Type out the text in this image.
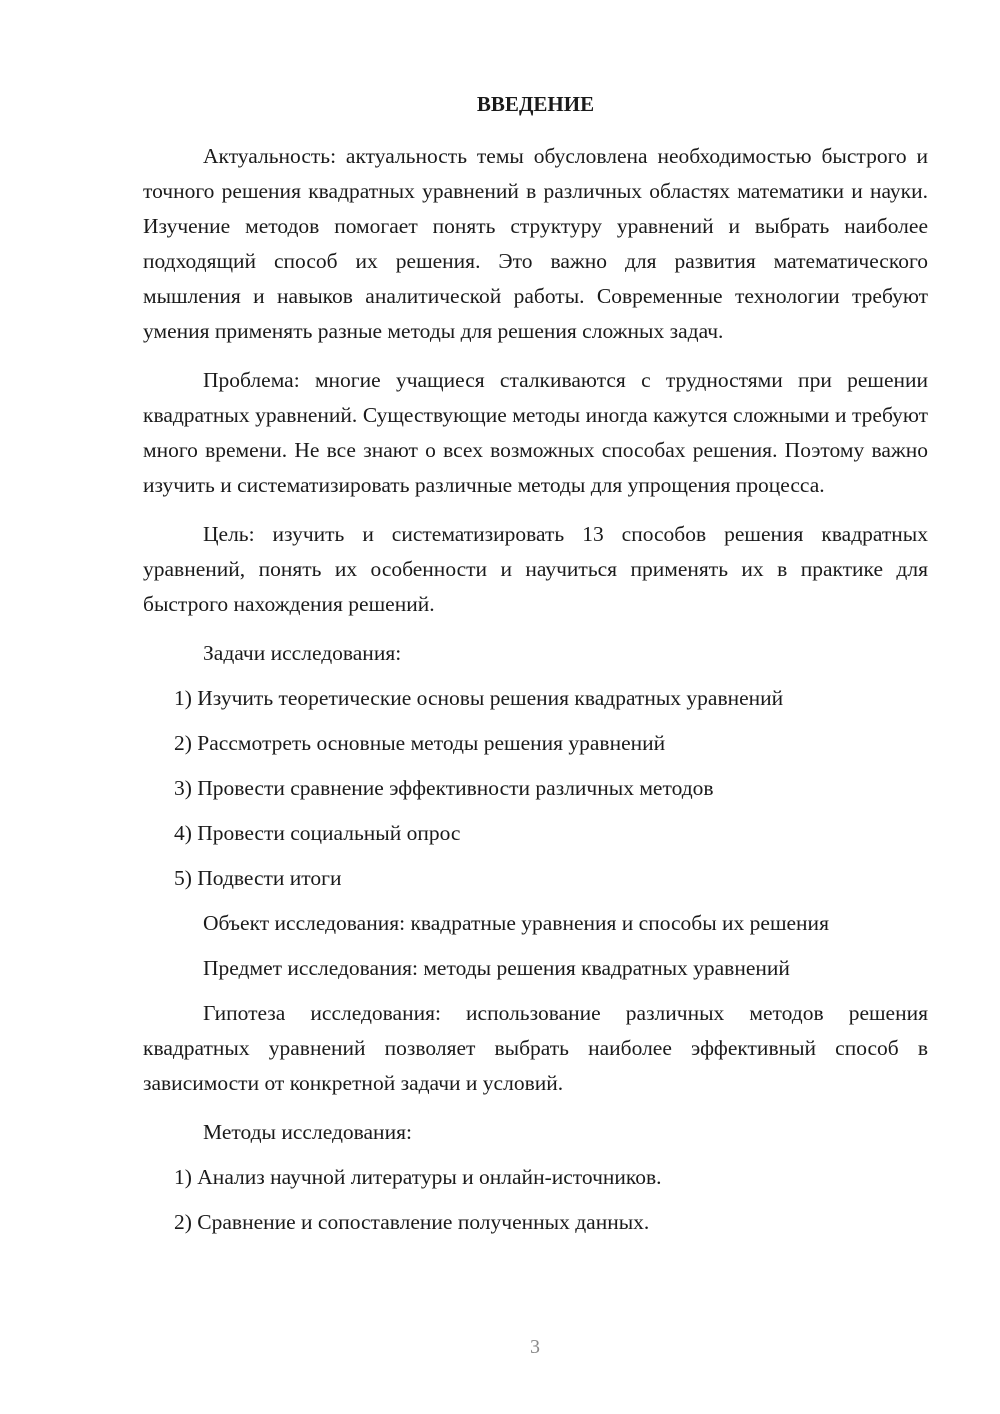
ВВЕДЕНИЕ

Актуальность: актуальность темы обусловлена необходимостью быстрого и точного решения квадратных уравнений в различных областях математики и науки. Изучение методов помогает понять структуру уравнений и выбрать наиболее подходящий способ их решения. Это важно для развития математического мышления и навыков аналитической работы. Современные технологии требуют умения применять разные методы для решения сложных задач.

Проблема: многие учащиеся сталкиваются с трудностями при решении квадратных уравнений. Существующие методы иногда кажутся сложными и требуют много времени. Не все знают о всех возможных способах решения. Поэтому важно изучить и систематизировать различные методы для упрощения процесса.

Цель: изучить и систематизировать 13 способов решения квадратных уравнений, понять их особенности и научиться применять их в практике для быстрого нахождения решений.

Задачи исследования:

1) Изучить теоретические основы решения квадратных уравнений

2) Рассмотреть основные методы решения уравнений

3) Провести сравнение эффективности различных методов

4) Провести социальный опрос

5) Подвести итоги

Объект исследования: квадратные уравнения и способы их решения

Предмет исследования: методы решения квадратных уравнений

Гипотеза исследования: использование различных методов решения квадратных уравнений позволяет выбрать наиболее эффективный способ в зависимости от конкретной задачи и условий.

Методы исследования:

1) Анализ научной литературы и онлайн-источников.

2) Сравнение и сопоставление полученных данных.

3
